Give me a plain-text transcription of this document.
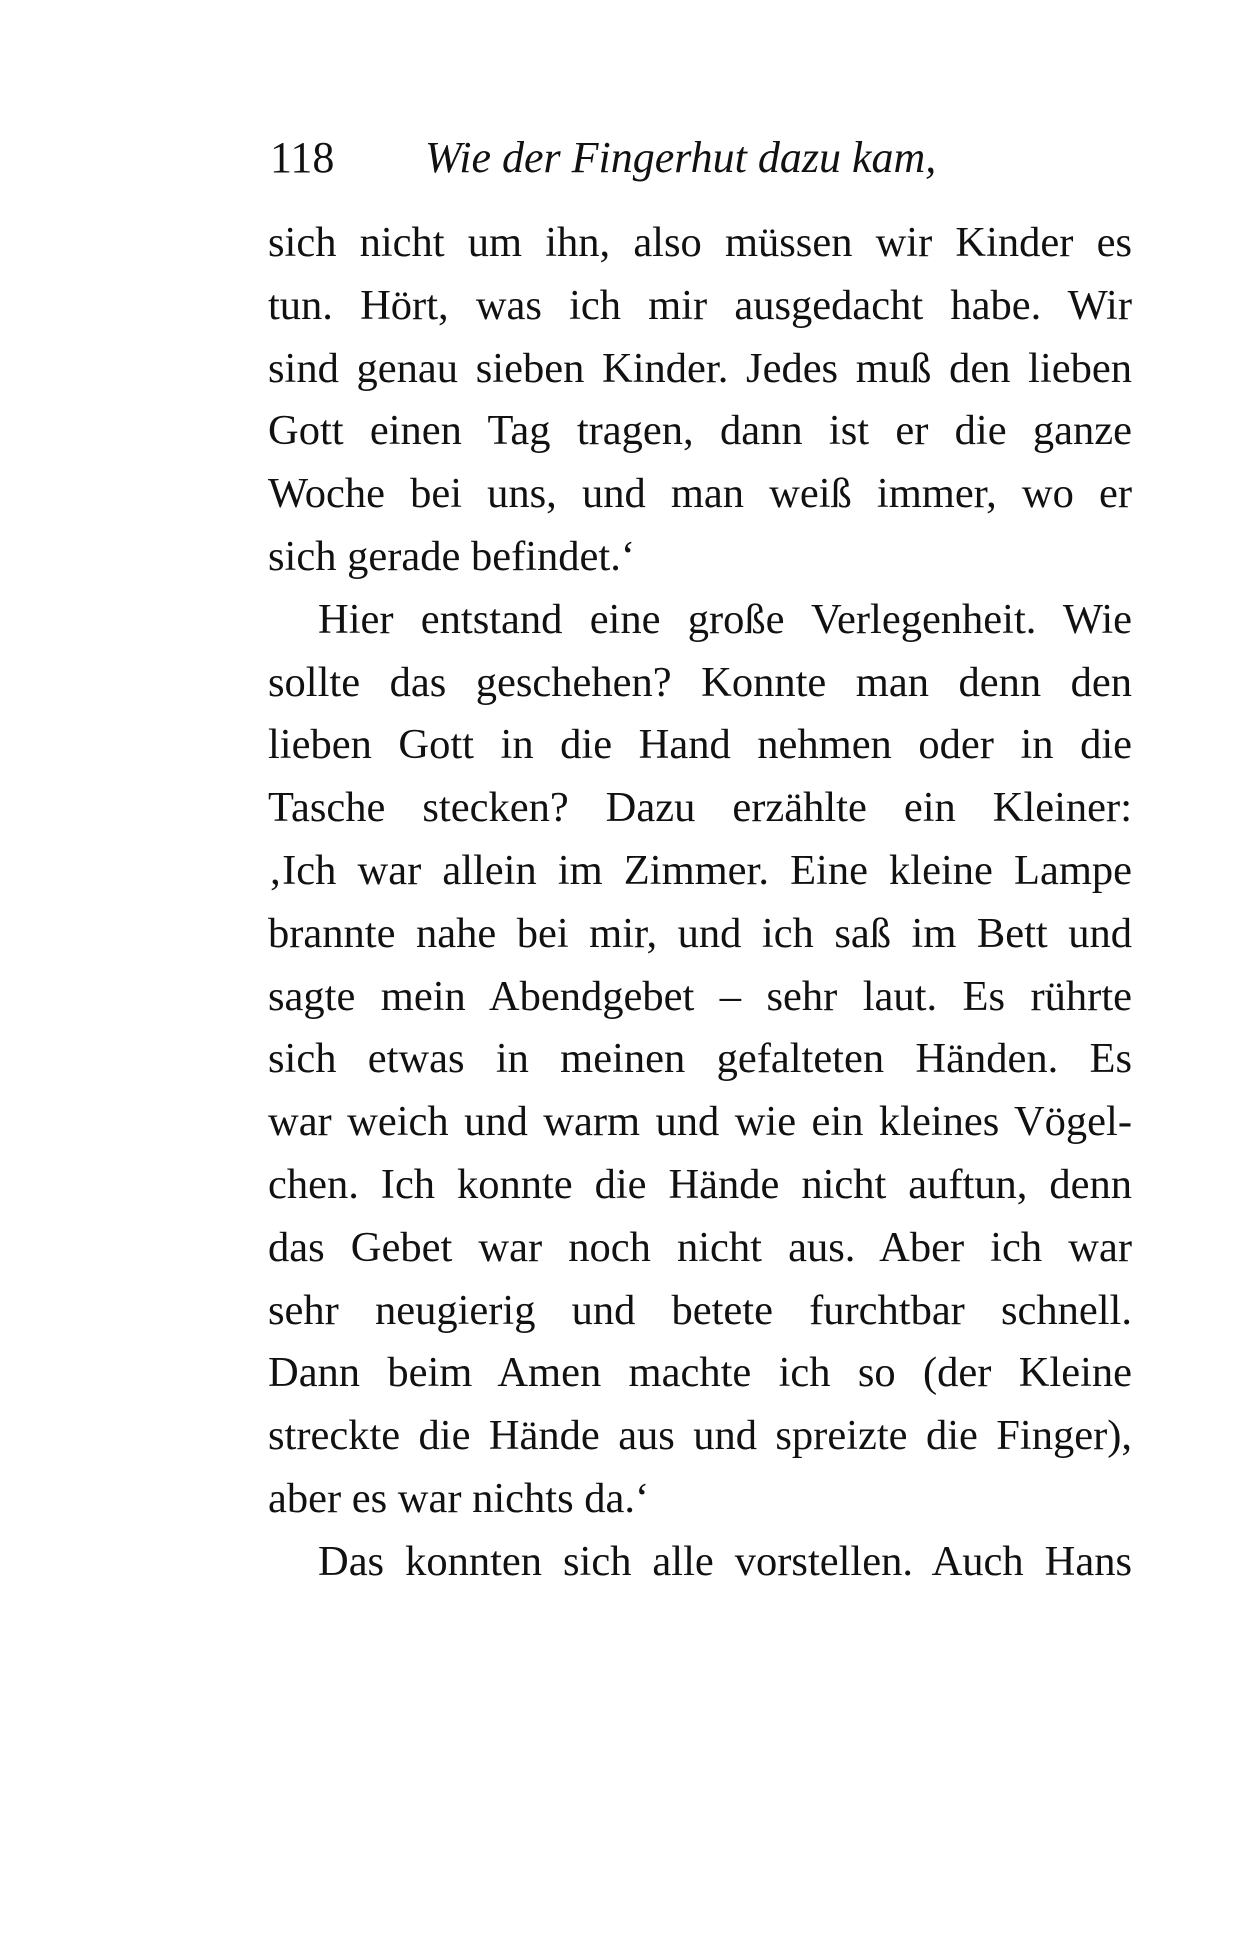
118 Wie der Fingerhut dazu kam,
sich nicht um ihn, also müssen wir Kinder es
tun. Hört, was ich mir ausgedacht habe. Wir
sind genau sieben Kinder. Jedes muß den lieben
Gott einen Tag tragen, dann ist er die ganze
Woche bei uns, und man weiß immer, wo er
sich gerade befindet.‘
Hier entstand eine große Verlegenheit. Wie
sollte das geschehen? Konnte man denn den
lieben Gott in die Hand nehmen oder in die
Tasche stecken? Dazu erzählte ein Kleiner:
‚Ich war allein im Zimmer. Eine kleine Lampe
brannte nahe bei mir, und ich saß im Bett und
sagte mein Abendgebet – sehr laut. Es rührte
sich etwas in meinen gefalteten Händen. Es
war weich und warm und wie ein kleines Vögel-
chen. Ich konnte die Hände nicht auftun, denn
das Gebet war noch nicht aus. Aber ich war
sehr neugierig und betete furchtbar schnell.
Dann beim Amen machte ich so (der Kleine
streckte die Hände aus und spreizte die Finger),
aber es war nichts da.‘
Das konnten sich alle vorstellen. Auch Hans
